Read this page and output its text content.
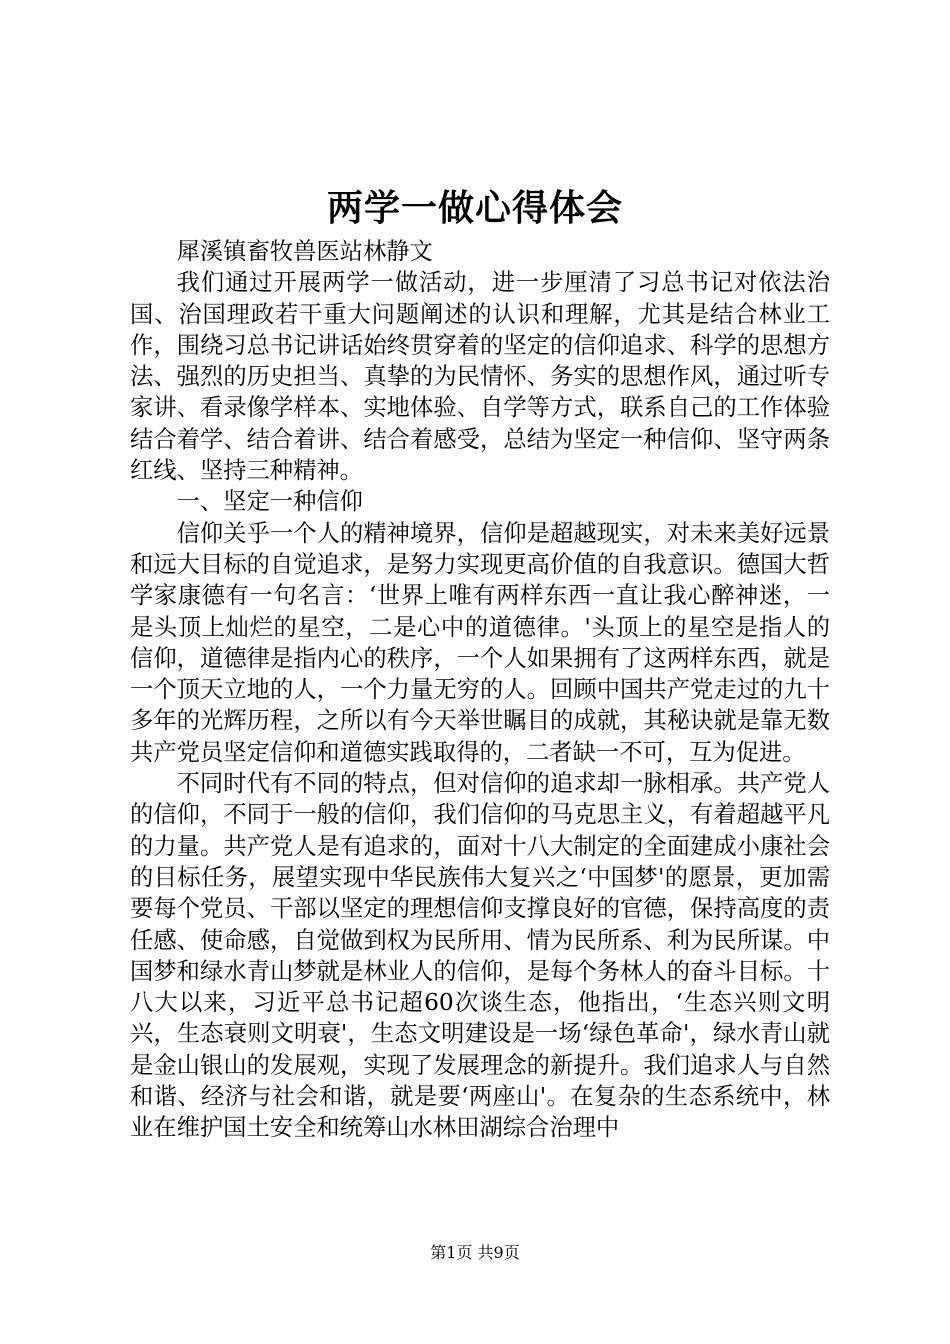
两学一做心得体会

犀溪镇畜牧兽医站林静文

我们通过开展两学一做活动，进一步厘清了习总书记对依法治国、治国理政若干重大问题阐述的认识和理解，尤其是结合林业工作，围绕习总书记讲话始终贯穿着的坚定的信仰追求、科学的思想方法、强烈的历史担当、真挚的为民情怀、务实的思想作风，通过听专家讲、看录像学样本、实地体验、自学等方式，联系自己的工作体验结合着学、结合着讲、结合着感受，总结为坚定一种信仰、坚守两条红线、坚持三种精神。

一、坚定一种信仰

信仰关乎一个人的精神境界，信仰是超越现实，对未来美好远景和远大目标的自觉追求，是努力实现更高价值的自我意识。德国大哲学家康德有一句名言：‘世界上唯有两样东西一直让我心醉神迷，一是头顶上灿烂的星空，二是心中的道德律。'头顶上的星空是指人的信仰，道德律是指内心的秩序，一个人如果拥有了这两样东西，就是一个顶天立地的人，一个力量无穷的人。回顾中国共产党走过的九十多年的光辉历程，之所以有今天举世瞩目的成就，其秘诀就是靠无数共产党员坚定信仰和道德实践取得的，二者缺一不可，互为促进。

不同时代有不同的特点，但对信仰的追求却一脉相承。共产党人的信仰，不同于一般的信仰，我们信仰的马克思主义，有着超越平凡的力量。共产党人是有追求的，面对十八大制定的全面建成小康社会的目标任务，展望实现中华民族伟大复兴之‘中国梦'的愿景，更加需要每个党员、干部以坚定的理想信仰支撑良好的官德，保持高度的责任感、使命感，自觉做到权为民所用、情为民所系、利为民所谋。中国梦和绿水青山梦就是林业人的信仰，是每个务林人的奋斗目标。十八大以来，习近平总书记超60次谈生态，他指出，‘生态兴则文明兴，生态衰则文明衰'，生态文明建设是一场‘绿色革命'，绿水青山就是金山银山的发展观，实现了发展理念的新提升。我们追求人与自然和谐、经济与社会和谐，就是要‘两座山'。在复杂的生态系统中，林业在维护国土安全和统筹山水林田湖综合治理中

第1页 共9页
